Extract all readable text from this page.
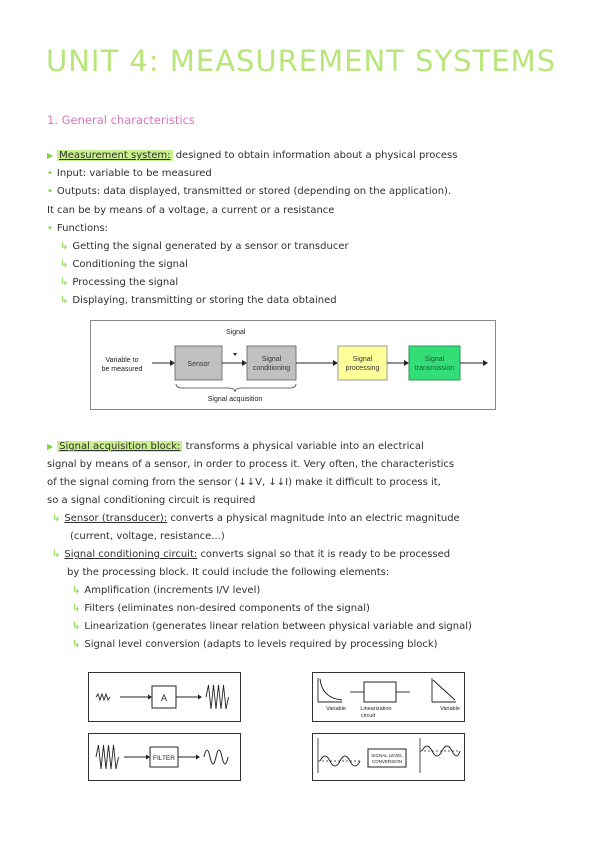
UNIT 4: MEASUREMENT SYSTEMS
1. General characteristics
▶ Measurement system: designed to obtain information about a physical process
• Input: variable to be measured
• Outputs: data displayed, transmitted or stored (depending on the application).
It can be by means of a voltage, a current or a resistance
• Functions:
↳ Getting the signal generated by a sensor or transducer
↳ Conditioning the signal
↳ Processing the signal
↳ Displaying, transmitting or storing the data obtained
Signal
Variable to
be measured
Sensor
Signal
conditioning
Signal
processing
Signal
transmission
Signal acquisition
▶ Signal acquisition block: transforms a physical variable into an electrical
signal by means of a sensor, in order to process it. Very often, the characteristics
of the signal coming from the sensor (↓↓V, ↓↓I) make it difficult to process it,
so a signal conditioning circuit is required
↳ Sensor (transducer): converts a physical magnitude into an electric magnitude
(current, voltage, resistance...)
↳ Signal conditioning circuit: converts signal so that it is ready to be processed
by the processing block. It could include the following elements:
↳ Amplification (increments I/V level)
↳ Filters (eliminates non-desired components of the signal)
↳ Linearization (generates linear relation between physical variable and signal)
↳ Signal level conversion (adapts to levels required by processing block)
A
Variable	Linearization
circuit
Variable
FILTER	SIGNAL LEVEL
CONVERSION
